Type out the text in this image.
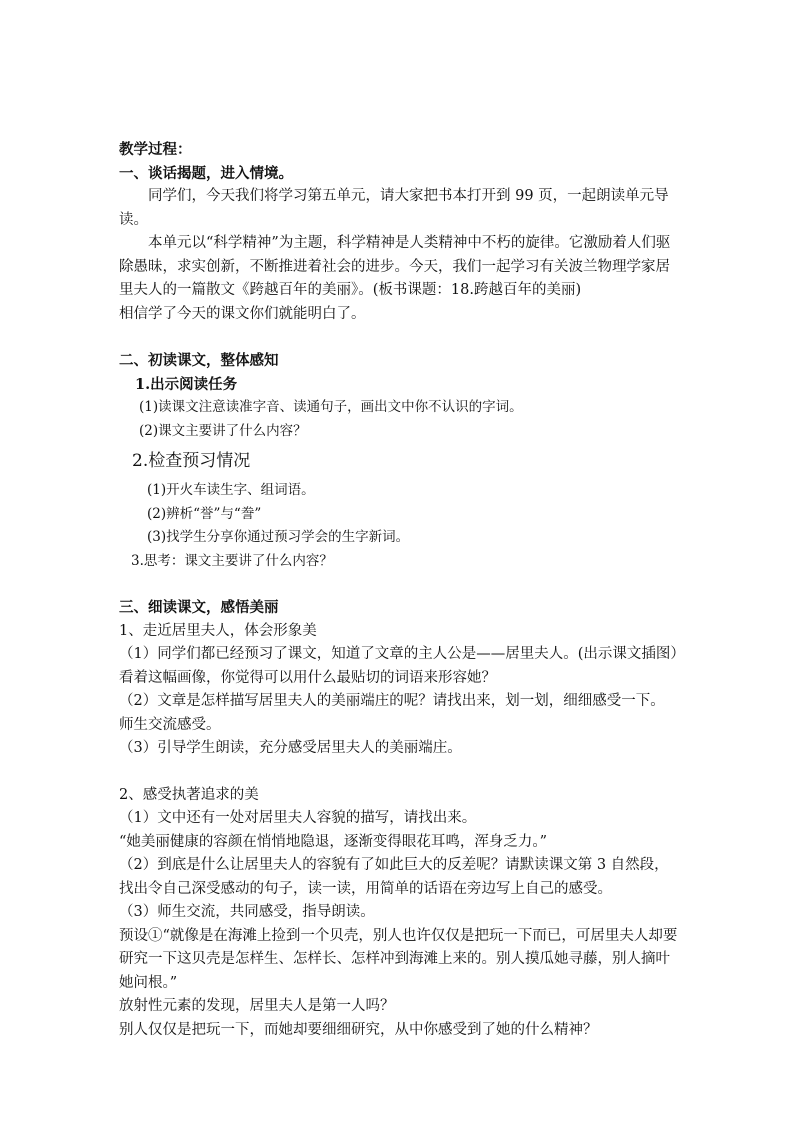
教学过程：

一、谈话揭题，进入情境。

同学们，今天我们将学习第五单元，请大家把书本打开到 99 页，一起朗读单元导读。

本单元以“科学精神”为主题，科学精神是人类精神中不朽的旋律。它激励着人们驱除愚昧，求实创新，不断推进着社会的进步。今天，我们一起学习有关波兰物理学家居里夫人的一篇散文《跨越百年的美丽》。(板书课题：18.跨越百年的美丽)

相信学了今天的课文你们就能明白了。

二、初读课文，整体感知

1.出示阅读任务

(1)读课文注意读准字音、读通句子，画出文中你不认识的字词。

(2)课文主要讲了什么内容？

2.检查预习情况

(1)开火车读生字、组词语。

(2)辨析“誉”与“誊”

(3)找学生分享你通过预习学会的生字新词。

3.思考：课文主要讲了什么内容？

三、细读课文，感悟美丽

1、走近居里夫人，体会形象美

（1）同学们都已经预习了课文，知道了文章的主人公是——居里夫人。(出示课文插图）看着这幅画像，你觉得可以用什么最贴切的词语来形容她？

（2）文章是怎样描写居里夫人的美丽端庄的呢？请找出来，划一划，细细感受一下。

师生交流感受。

（3）引导学生朗读，充分感受居里夫人的美丽端庄。

2、感受执著追求的美

（1）文中还有一处对居里夫人容貌的描写，请找出来。

“她美丽健康的容颜在悄悄地隐退，逐渐变得眼花耳鸣，浑身乏力。”

（2）到底是什么让居里夫人的容貌有了如此巨大的反差呢？请默读课文第 3 自然段，找出令自己深受感动的句子，读一读，用简单的话语在旁边写上自己的感受。

（3）师生交流，共同感受，指导朗读。

预设①“就像是在海滩上捡到一个贝壳，别人也许仅仅是把玩一下而已，可居里夫人却要研究一下这贝壳是怎样生、怎样长、怎样冲到海滩上来的。别人摸瓜她寻藤，别人摘叶她问根。”

放射性元素的发现，居里夫人是第一人吗？

别人仅仅是把玩一下，而她却要细细研究，从中你感受到了她的什么精神？
